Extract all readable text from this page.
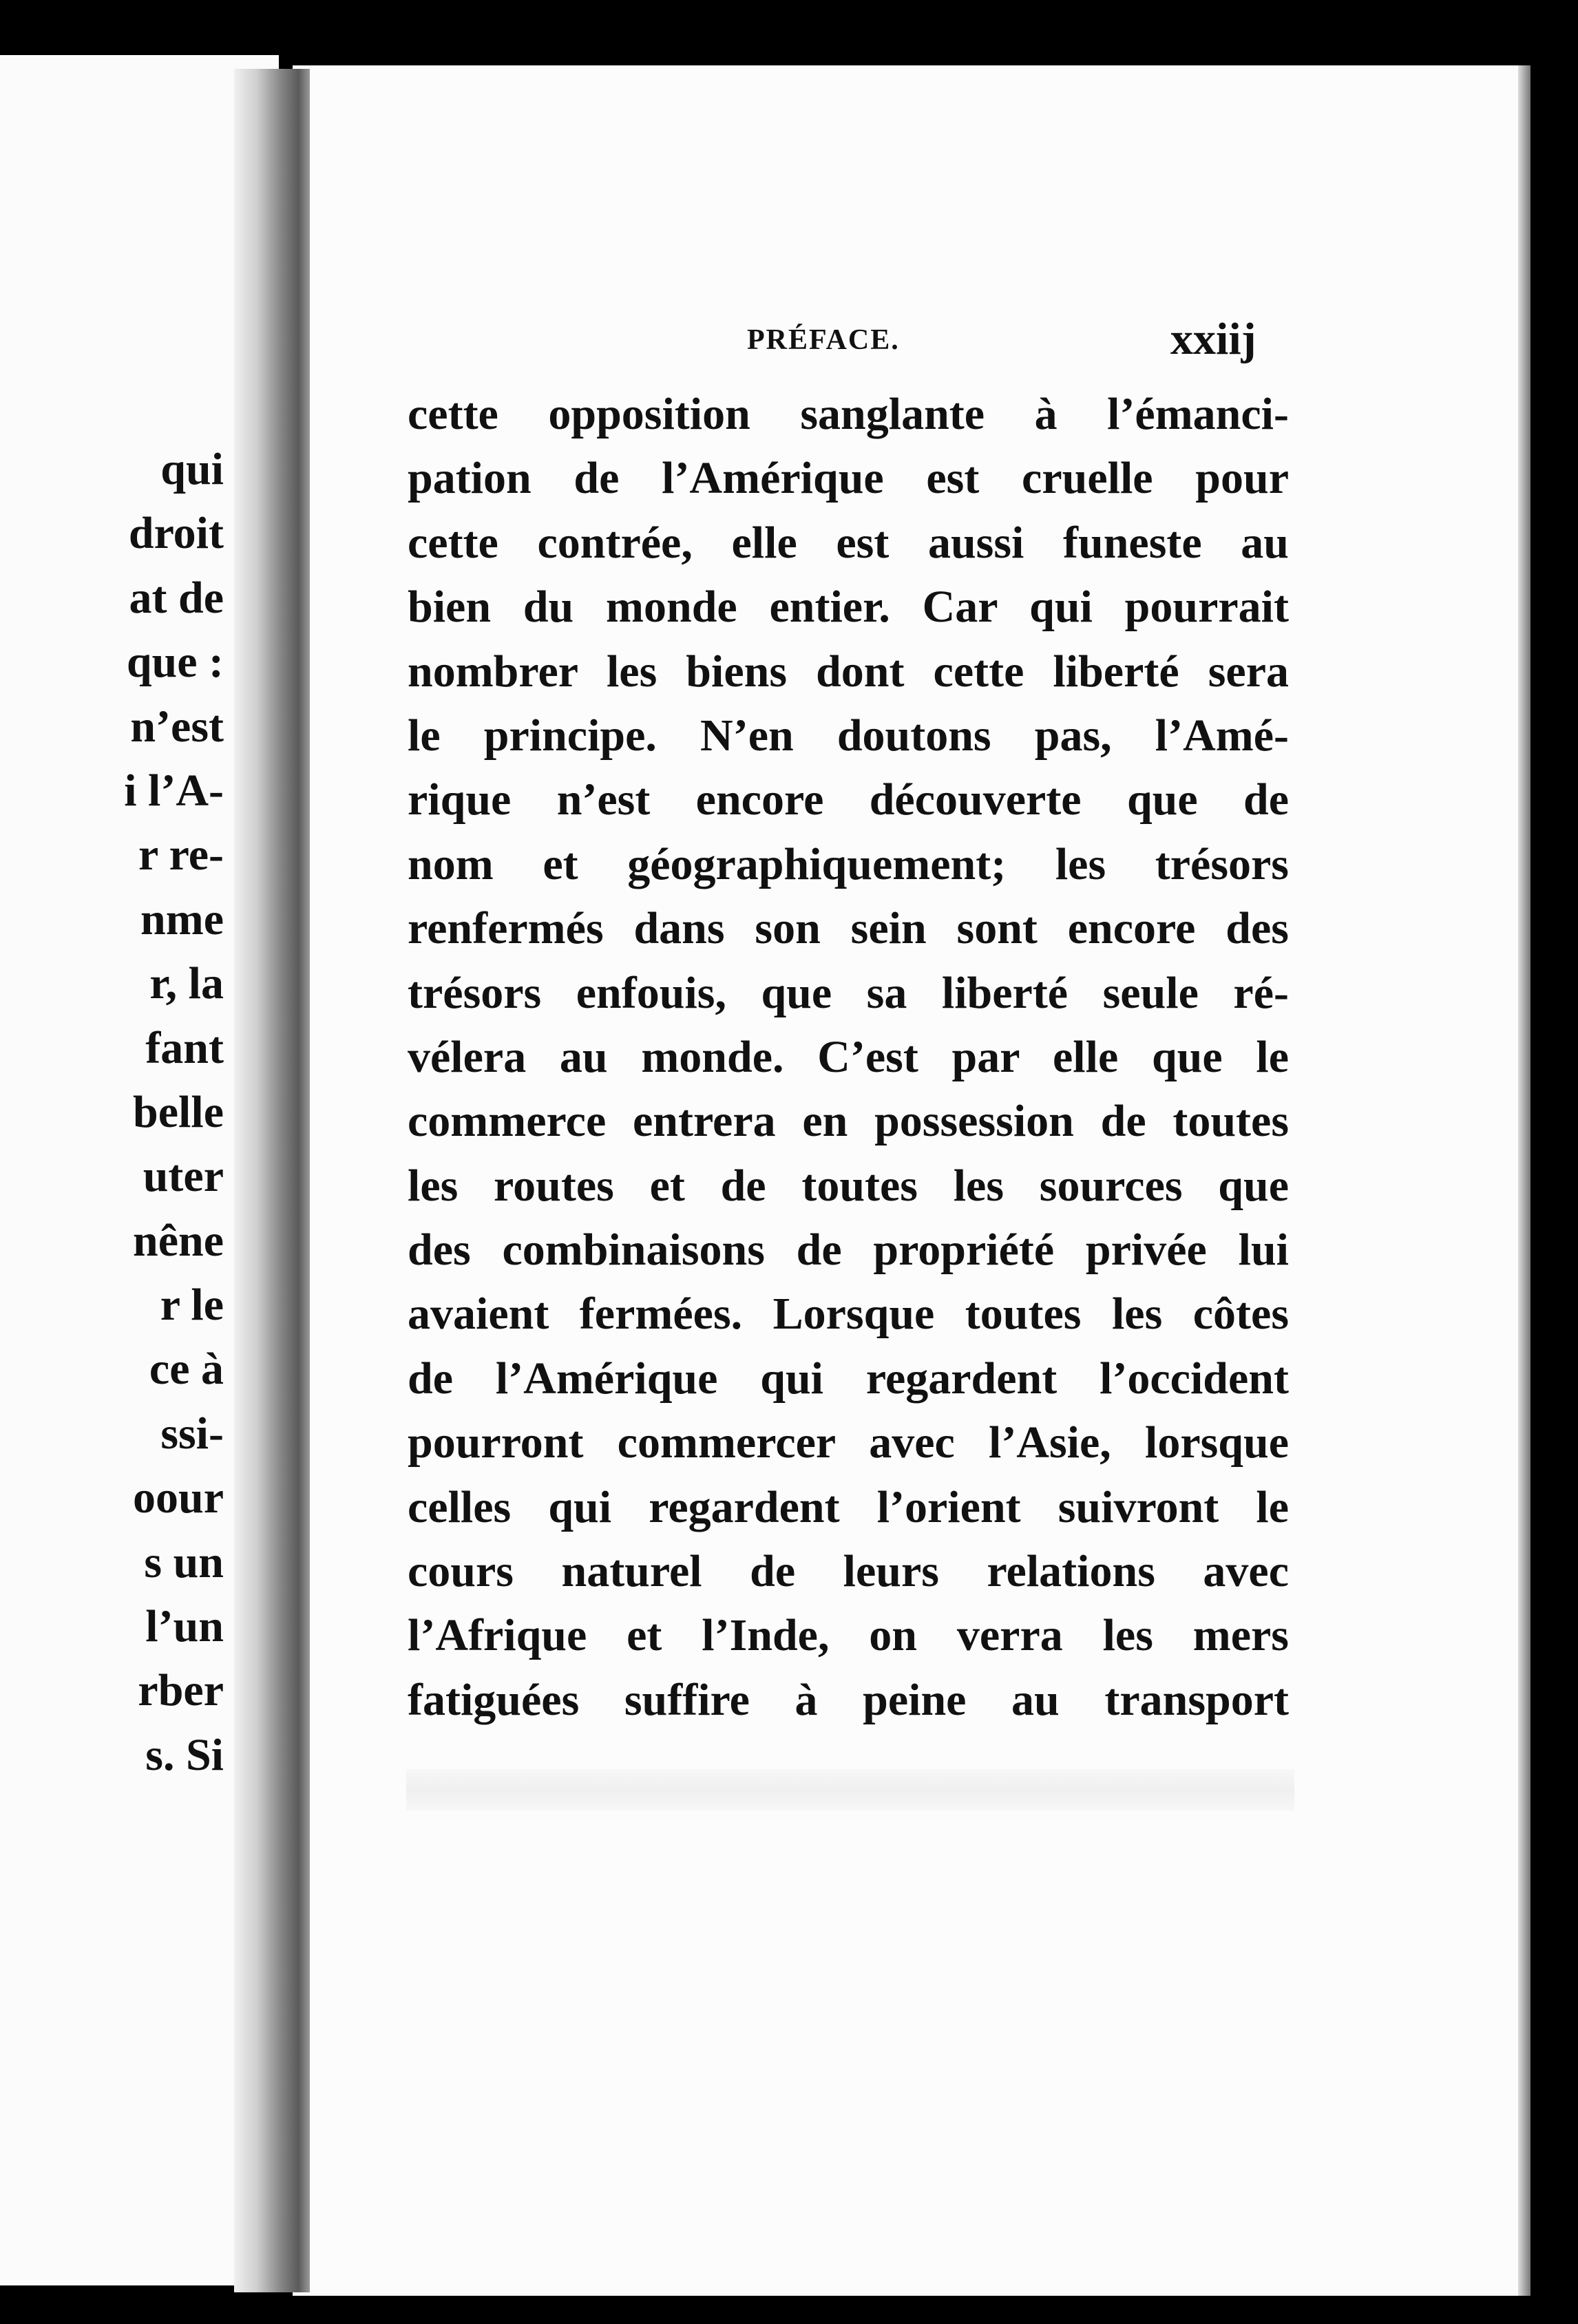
qui
droit
at de
que :
n’est
i l’A-
r re-
nme
r, la
fant
belle
uter
nêne
r le
ce à
ssi-
oour
s un
l’un
rber
s. Si
PRÉFACE.	xxiij
cette opposition sanglante à l’émanci-
pation de l’Amérique est cruelle pour
cette contrée, elle est aussi funeste au
bien du monde entier. Car qui pourrait
nombrer les biens dont cette liberté sera
le principe. N’en doutons pas, l’Amé-
rique n’est encore découverte que de
nom et géographiquement; les trésors
renfermés dans son sein sont encore des
trésors enfouis, que sa liberté seule ré-
vélera au monde. C’est par elle que le
commerce entrera en possession de toutes
les routes et de toutes les sources que
des combinaisons de propriété privée lui
avaient fermées. Lorsque toutes les côtes
de l’Amérique qui regardent l’occident
pourront commercer avec l’Asie, lorsque
celles qui regardent l’orient suivront le
cours naturel de leurs relations avec
l’Afrique et l’Inde, on verra les mers
fatiguées suffire à peine au transport
